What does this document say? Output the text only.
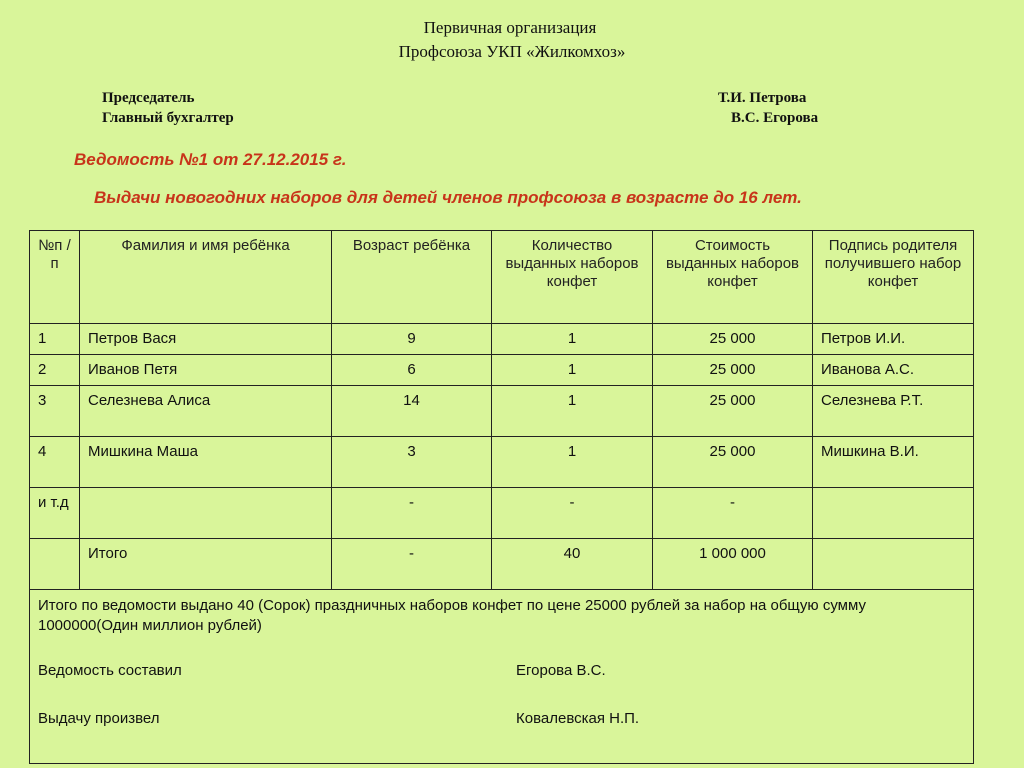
Первичная организация
Профсоюза УКП «Жилкомхоз»
Председатель	Т.И. Петрова
Главный бухгалтер	В.С. Егорова
Ведомость №1 от 27.12.2015 г.
Выдачи новогодних наборов для детей членов профсоюза в возрасте до 16 лет.
№п /п	Фамилия и имя ребёнка	Возраст ребёнка	Количество выданных наборов конфет	Стоимость выданных наборов конфет	Подпись родителя получившего набор конфет
1	Петров Вася	9	1	25 000	Петров И.И.
2	Иванов Петя	6	1	25 000	Иванова А.С.
3	Селезнева Алиса	14	1	25 000	Селезнева Р.Т.
4	Мишкина Маша	3	1	25 000	Мишкина В.И.
и т.д		-	-	-	
	Итого	-	40	1 000 000	

Итого по ведомости выдано 40 (Сорок) праздничных наборов конфет по цене 25000 рублей за набор на общую сумму 1000000(Один миллион рублей)
Ведомость составил Егорова В.С.
Выдачу произвел Ковалевская Н.П.					
